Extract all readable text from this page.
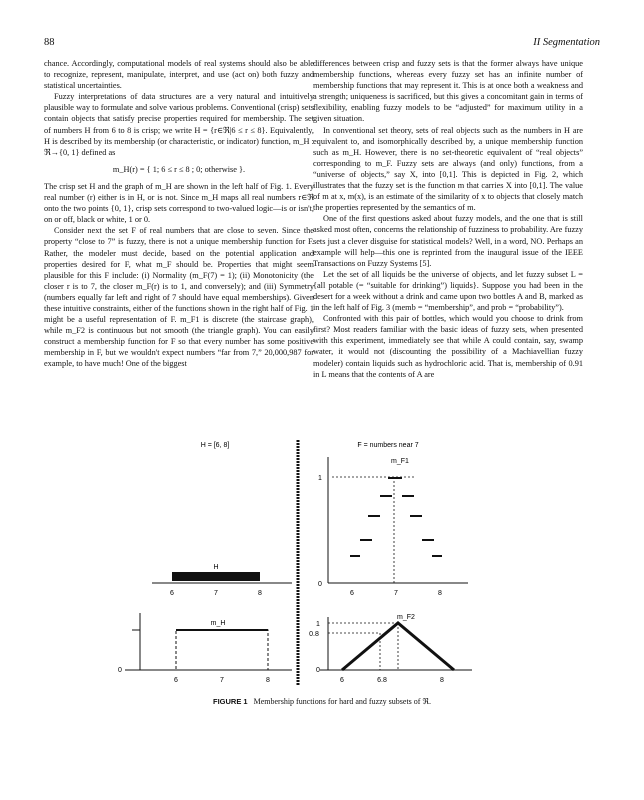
88	II Segmentation

chance. Accordingly, computational models of real systems should also be able to recognize, represent, manipulate, interpret, and use (act on) both fuzzy and statistical uncertainties.

Fuzzy interpretations of data structures are a very natural and intuitively plausible way to formulate and solve various problems. Conventional (crisp) sets contain objects that satisfy precise properties required for membership. The set of numbers H from 6 to 8 is crisp; we write H = {r∈ℜ|6 ≤ r ≤ 8}. Equivalently, H is described by its membership (or characteristic, or indicator) function, m_H : ℜ→{0, 1} defined as

m_H(r) = { 1; 6 ≤ r ≤ 8 ; 0; otherwise }.

The crisp set H and the graph of m_H are shown in the left half of Fig. 1. Every real number (r) either is in H, or is not. Since m_H maps all real numbers r∈ℜ onto the two points {0, 1}, crisp sets correspond to two-valued logic—is or isn't, on or off, black or white, 1 or 0.

Consider next the set F of real numbers that are close to seven. Since the property “close to 7” is fuzzy, there is not a unique membership function for F. Rather, the modeler must decide, based on the potential application and properties desired for F, what m_F should be. Properties that might seem plausible for this F include: (i) Normality (m_F(7) = 1); (ii) Monotonicity (the closer r is to 7, the closer m_F(r) is to 1, and conversely); and (iii) Symmetry (numbers equally far left and right of 7 should have equal memberships). Given these intuitive constraints, either of the functions shown in the right half of Fig. 1 might be a useful representation of F. m_F1 is discrete (the staircase graph), while m_F2 is continuous but not smooth (the triangle graph). You can easily construct a membership function for F so that every number has some positive membership in F, but we wouldn't expect numbers “far from 7,” 20,000,987 for example, to have much! One of the biggest

differences between crisp and fuzzy sets is that the former always have unique membership functions, whereas every fuzzy set has an infinite number of membership functions that may represent it. This is at once both a weakness and a strength; uniqueness is sacrificed, but this gives a concomitant gain in terms of flexibility, enabling fuzzy models to be “adjusted” for maximum utility in a given situation.

In conventional set theory, sets of real objects such as the numbers in H are equivalent to, and isomorphically described by, a unique membership function such as m_H. However, there is no set-theoretic equivalent of “real objects” corresponding to m_F. Fuzzy sets are always (and only) functions, from a “universe of objects,” say X, into [0,1]. This is depicted in Fig. 2, which illustrates that the fuzzy set is the function m that carries X into [0,1]. The value of m at x, m(x), is an estimate of the similarity of x to objects that closely match the properties represented by the semantics of m.

One of the first questions asked about fuzzy models, and the one that is still asked most often, concerns the relationship of fuzziness to probability. Are fuzzy sets just a clever disguise for statistical models? Well, in a word, NO. Perhaps an example will help—this one is reprinted from the inaugural issue of the IEEE Transactions on Fuzzy Systems [5].

Let the set of all liquids be the universe of objects, and let fuzzy subset L = {all potable (= “suitable for drinking”) liquids}. Suppose you had been in the desert for a week without a drink and came upon two bottles A and B, marked as in the left half of Fig. 3 (memb = “membership”, and prob = “probability”).

Confronted with this pair of bottles, which would you choose to drink from first? Most readers familiar with the basic ideas of fuzzy sets, when presented with this experiment, immediately see that while A could contain, say, swamp water, it would not (discounting the possibility of a Machiavellian fuzzy modeler) contain liquids such as hydrochloric acid. That is, membership of 0.91 in L means that the contents of A are

H = [6, 8]
H
6	7	8
m_H
0
6	7	8
F = numbers near 7
m_F1
1
0
6	7	8
m_F2
1
0.8
0
6	6.8	8
FIGURE 1 Membership functions for hard and fuzzy subsets of ℜ.
